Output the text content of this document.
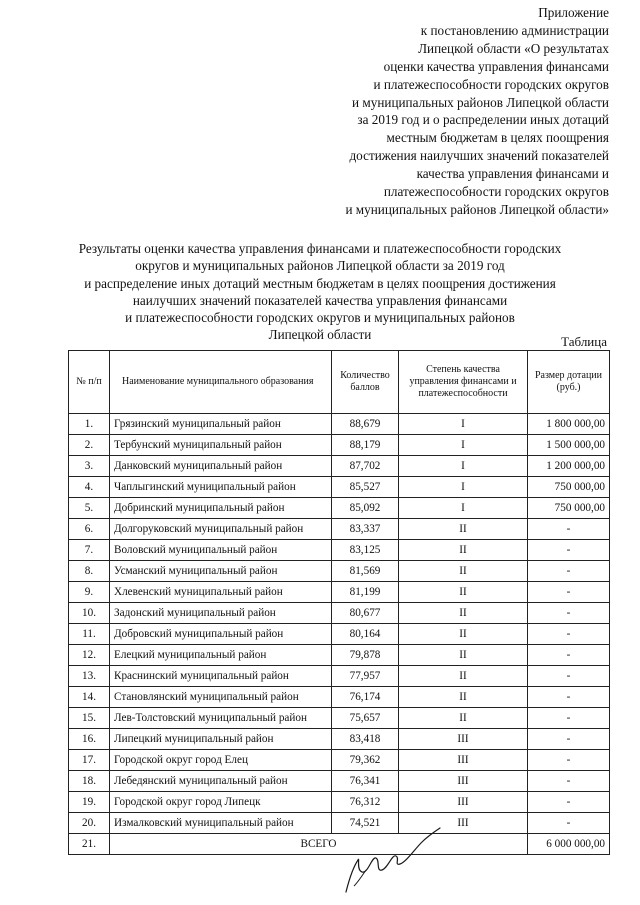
Приложение
к постановлению администрации
Липецкой области «О результатах
оценки качества управления финансами
и платежеспособности городских округов
и муниципальных районов Липецкой области
за 2019 год и о распределении иных дотаций
местным бюджетам в целях поощрения
достижения наилучших значений показателей
качества управления финансами и
платежеспособности городских округов
и муниципальных районов Липецкой области»
Результаты оценки качества управления финансами и платежеспособности городских
округов и муниципальных районов Липецкой области за 2019 год
и распределение иных дотаций местным бюджетам в целях поощрения достижения
наилучших значений показателей качества управления финансами
и платежеспособности городских округов и муниципальных районов
Липецкой области	Таблица
№ п/п	Наименование муниципального образования	Количество баллов	Степень качества управления финансами и платежеспособности	Размер дотации (руб.)
1.	Грязинский муниципальный район	88,679	I	1 800 000,00
2.	Тербунский муниципальный район	88,179	I	1 500 000,00
3.	Данковский муниципальный район	87,702	I	1 200 000,00
4.	Чаплыгинский муниципальный район	85,527	I	750 000,00
5.	Добринский муниципальный район	85,092	I	750 000,00
6.	Долгоруковский муниципальный район	83,337	II	-
7.	Воловский муниципальный район	83,125	II	-
8.	Усманский муниципальный район	81,569	II	-
9.	Хлевенский муниципальный район	81,199	II	-
10.	Задонский муниципальный район	80,677	II	-
11.	Добровский муниципальный район	80,164	II	-
12.	Елецкий муниципальный район	79,878	II	-
13.	Краснинский муниципальный район	77,957	II	-
14.	Становлянский муниципальный район	76,174	II	-
15.	Лев-Толстовский муниципальный район	75,657	II	-
16.	Липецкий муниципальный район	83,418	III	-
17.	Городской округ город Елец	79,362	III	-
18.	Лебедянский муниципальный район	76,341	III	-
19.	Городской округ город Липецк	76,312	III	-
20.	Измалковский муниципальный район	74,521	III	-
21.	ВСЕГО			6 000 000,00
